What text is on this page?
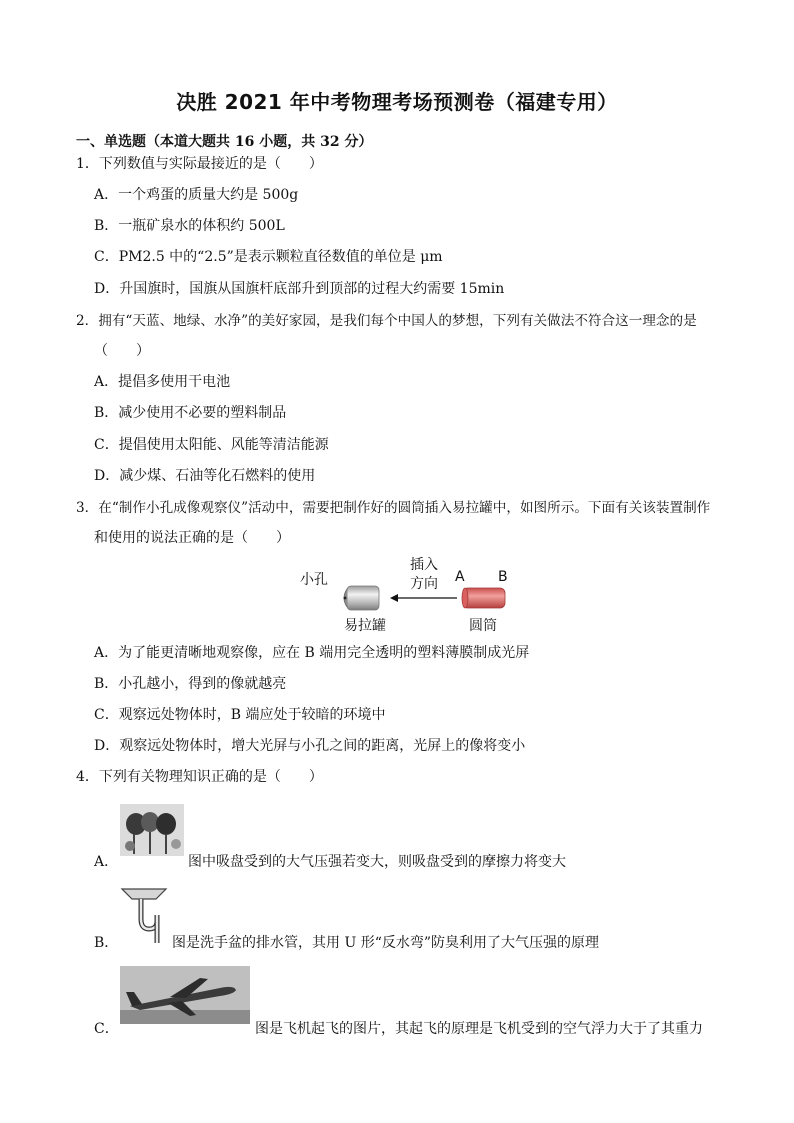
决胜 2021 年中考物理考场预测卷（福建专用）
一、单选题（本道大题共 16 小题，共 32 分）
1．下列数值与实际最接近的是（　　）
A．一个鸡蛋的质量大约是 500g
B．一瓶矿泉水的体积约 500L
C．PM2.5 中的“2.5”是表示颗粒直径数值的单位是 μm
D．升国旗时，国旗从国旗杆底部升到顶部的过程大约需要 15min
2．拥有“天蓝、地绿、水净”的美好家园，是我们每个中国人的梦想，下列有关做法不符合这一理念的是
（　　）
A．提倡多使用干电池
B．减少使用不必要的塑料制品
C．提倡使用太阳能、风能等清洁能源
D．减少煤、石油等化石燃料的使用
3．在“制作小孔成像观察仪”活动中，需要把制作好的圆筒插入易拉罐中，如图所示。下面有关该装置制作
和使用的说法正确的是（　　）
小孔
易拉罐
插入
方向 A B
圆筒
A．为了能更清晰地观察像，应在 B 端用完全透明的塑料薄膜制成光屏
B．小孔越小，得到的像就越亮
C．观察远处物体时，B 端应处于较暗的环境中
D．观察远处物体时，增大光屏与小孔之间的距离，光屏上的像将变小
4．下列有关物理知识正确的是（　　）
A．	图中吸盘受到的大气压强若变大，则吸盘受到的摩擦力将变大
B．	图是洗手盆的排水管，其用 U 形“反水弯”防臭利用了大气压强的原理
C．	图是飞机起飞的图片，其起飞的原理是飞机受到的空气浮力大于了其重力
